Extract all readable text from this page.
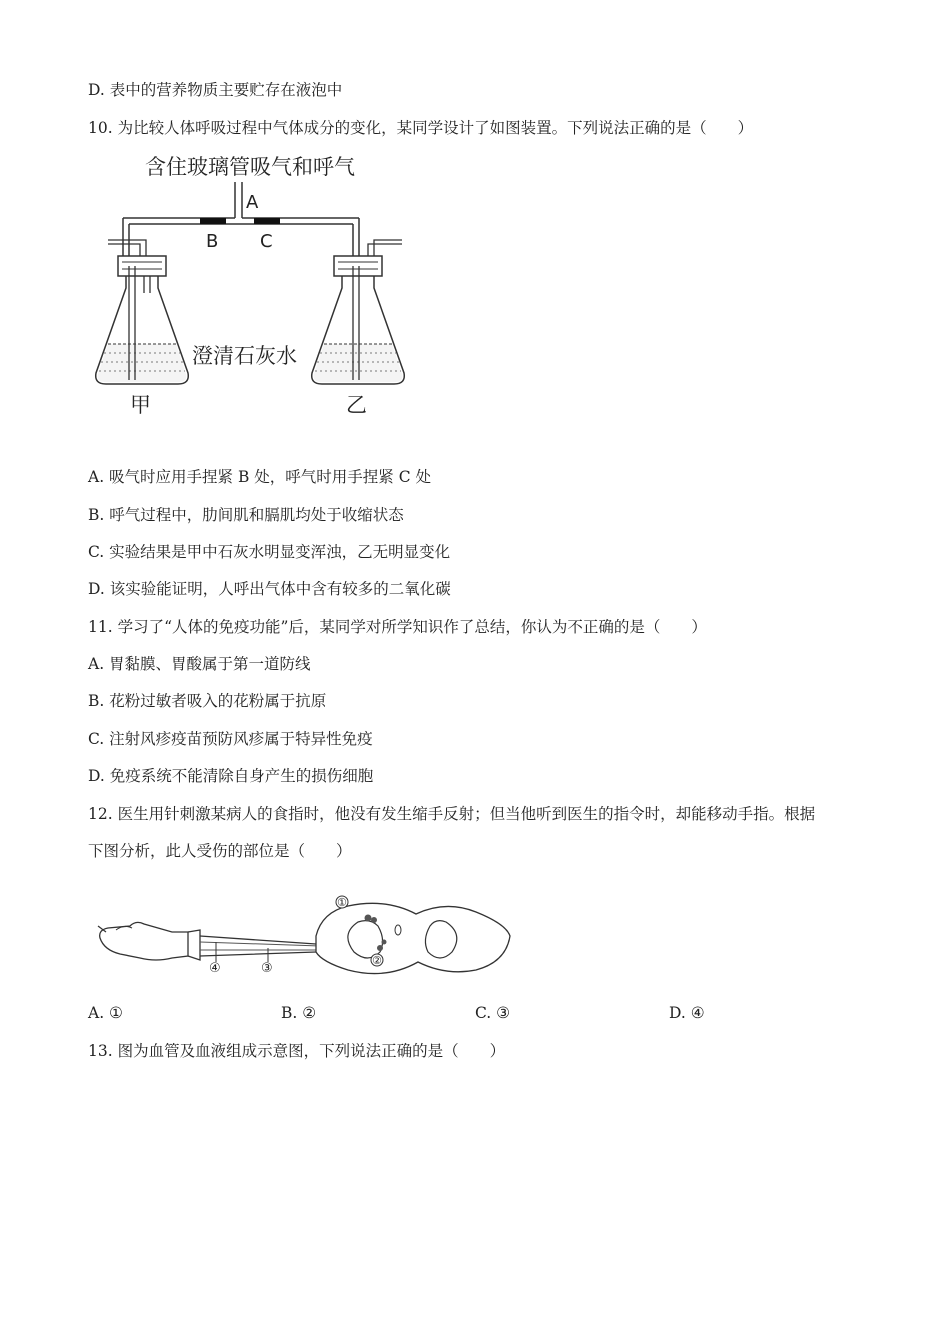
D. 表中的营养物质主要贮存在液泡中
10. 为比较人体呼吸过程中气体成分的变化，某同学设计了如图装置。下列说法正确的是（　　）
含住玻璃管吸气和呼气
A
B C
甲	乙
澄清石灰水
A. 吸气时应用手捏紧 B 处，呼气时用手捏紧 C 处
B. 呼气过程中，肋间肌和膈肌均处于收缩状态
C. 实验结果是甲中石灰水明显变浑浊，乙无明显变化
D. 该实验能证明，人呼出气体中含有较多的二氧化碳
11. 学习了“人体的免疫功能”后，某同学对所学知识作了总结，你认为不正确的是（　　）
A. 胃黏膜、胃酸属于第一道防线
B. 花粉过敏者吸入的花粉属于抗原
C. 注射风疹疫苗预防风疹属于特异性免疫
D. 免疫系统不能清除自身产生的损伤细胞
12. 医生用针刺激某病人的食指时，他没有发生缩手反射；但当他听到医生的指令时，却能移动手指。根据
下图分析，此人受伤的部位是（　　）
①
②
③
④
A. ①	B. ②	C. ③	D. ④
13. 图为血管及血液组成示意图，下列说法正确的是（　　）
